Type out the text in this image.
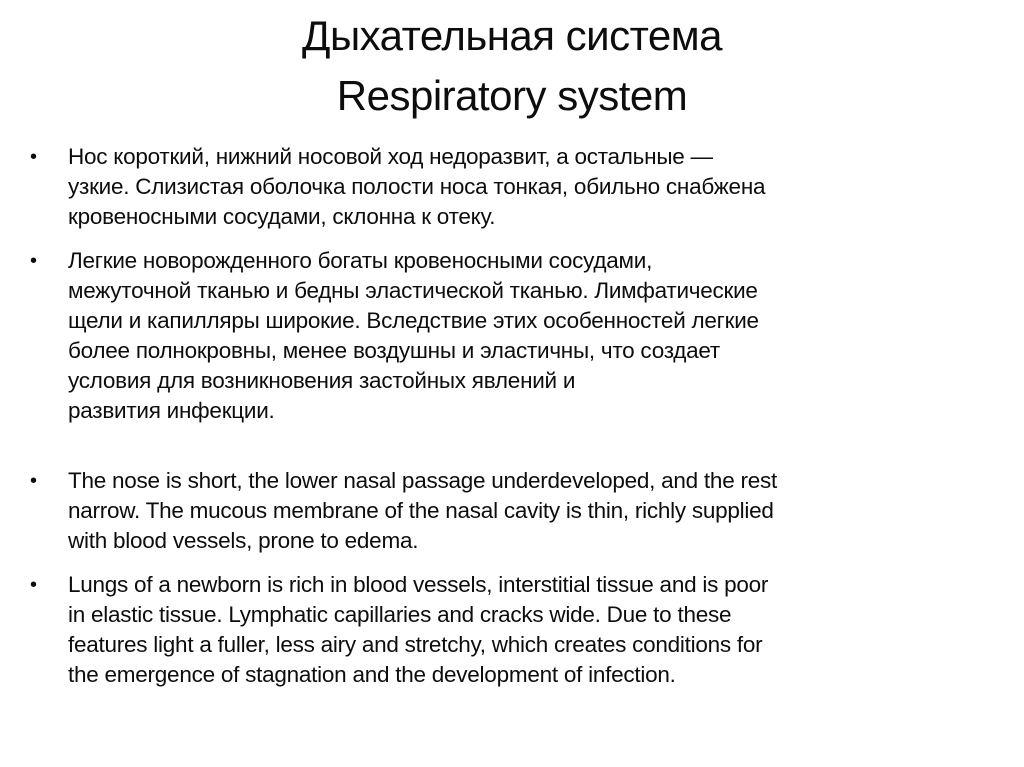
Дыхательная система
Respiratory system
•	Нос короткий, нижний носовой ход недоразвит, а остальные —
узкие. Слизистая оболочка полости носа тонкая, обильно снабжена
кровеносными сосудами, склонна к отеку.
•	Легкие новорожденного богаты кровеносными сосудами,
межуточной тканью и бедны эластической тканью. Лимфатические
щели и капилляры широкие. Вследствие этих особенностей легкие
более полнокровны, менее воздушны и эластичны, что создает
условия для возникновения застойных явлений и
развития инфекции.
•	The nose is short, the lower nasal passage underdeveloped, and the rest
narrow. The mucous membrane of the nasal cavity is thin, richly supplied
with blood vessels, prone to edema.
•	Lungs of a newborn is rich in blood vessels, interstitial tissue and is poor
in elastic tissue. Lymphatic capillaries and cracks wide. Due to these
features light a fuller, less airy and stretchy, which creates conditions for
the emergence of stagnation and the development of infection.
